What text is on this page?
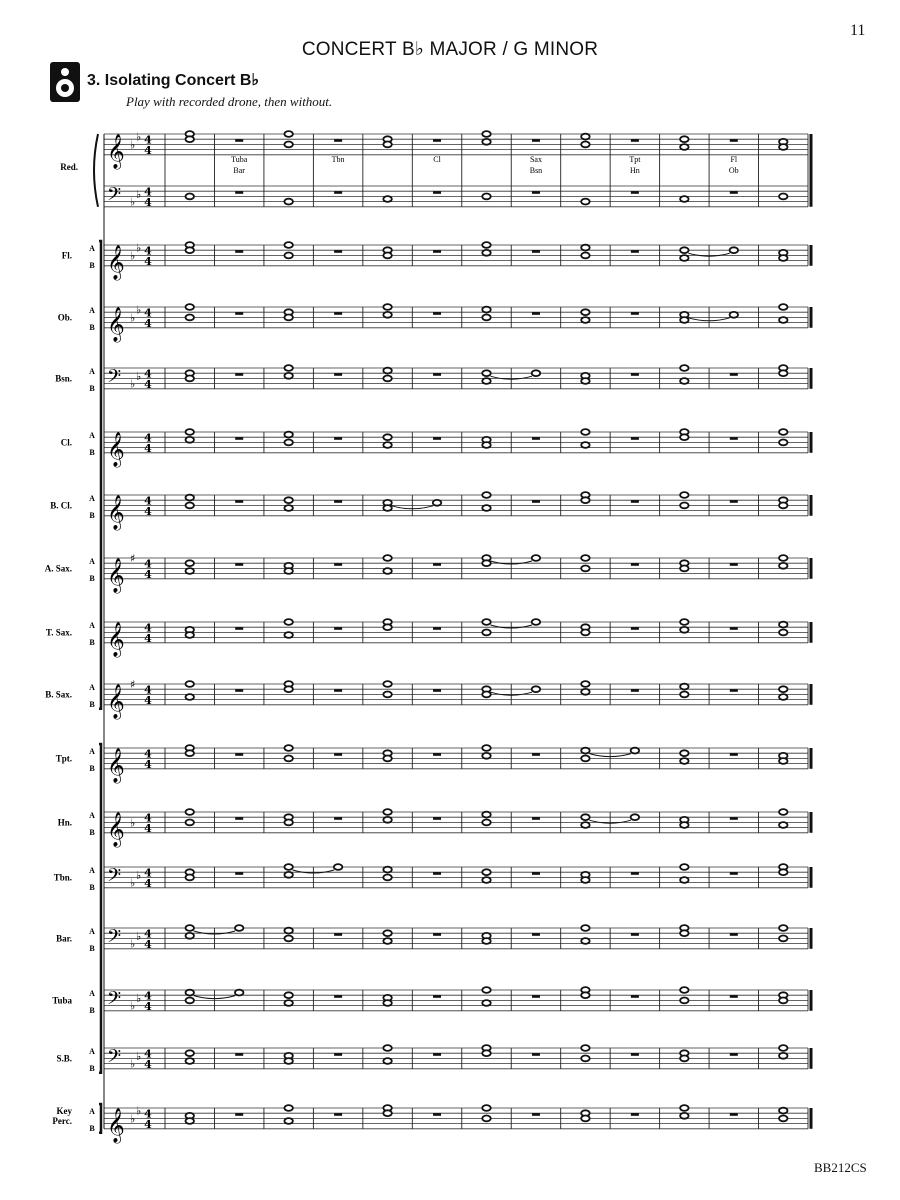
11
CONCERT B♭ MAJOR / G MINOR
3. Isolating Concert B♭
Play with recorded drone, then without.
𝄞 ♭
♭ 4
4
𝄢 ♭
♭ 4
4
Red.
Tuba
Bar
Tbn	Cl	Sax
Bsn
Tpt
Hn
Fl
Ob
𝄞 ♭
♭ 4
4
Fl.
A
B
𝄞 ♭
♭ 4
4
Ob.
A
B
𝄢 ♭
♭ 4
4
Bsn.
A
B
𝄞 4
4
Cl.
A
B
𝄞 4
4
B. Cl.
A
B
𝄞 ♯ 4
4
A. Sax.
A
B
𝄞 4
4
T. Sax.
A
B
𝄞 ♯ 4
4
B. Sax.
A
B
𝄞 4
4
Tpt.
A
B
𝄞 ♭ 4
4
Hn.
A
B
𝄢 ♭
♭ 4
4
Tbn.
A
B
𝄢 ♭
♭ 4
4
Bar.
A
B
𝄢 ♭
♭ 4
4
Tuba
A
B
𝄢 ♭
♭ 4
4
S.B.
A
B
𝄞 ♭
♭ 4
4
Key
Perc.
A
B
BB212CS
